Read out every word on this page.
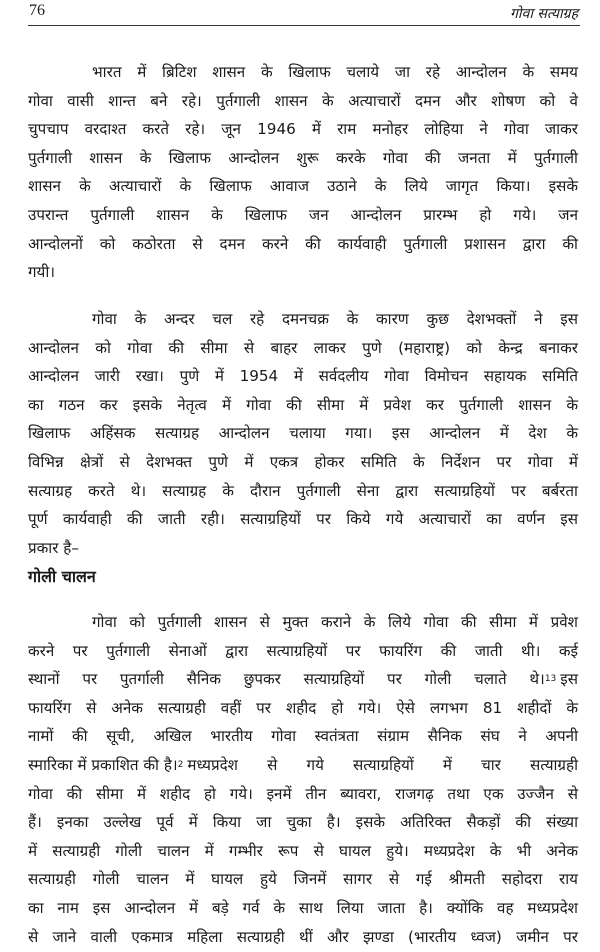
76	गोवा सत्याग्रह
भारत में ब्रिटिश शासन के खिलाफ चलाये जा रहे आन्दोलन के समय
गोवा वासी शान्त बने रहे। पुर्तगाली शासन के अत्याचारों दमन और शोषण को वे
चुपचाप वरदाश्त करते रहे। जून 1946 में राम मनोहर लोहिया ने गोवा जाकर
पुर्तगाली शासन के खिलाफ आन्दोलन शुरू करके गोवा की जनता में पुर्तगाली
शासन के अत्याचारों के खिलाफ आवाज उठाने के लिये जागृत किया। इसके
उपरान्त पुर्तगाली शासन के खिलाफ जन आन्दोलन प्रारम्भ हो गये। जन
आन्दोलनों को कठोरता से दमन करने की कार्यवाही पुर्तगाली प्रशासन द्वारा की
गयी।
गोवा के अन्दर चल रहे दमनचक्र के कारण कुछ देशभक्तों ने इस
आन्दोलन को गोवा की सीमा से बाहर लाकर पुणे (महाराष्ट्र) को केन्द्र बनाकर
आन्दोलन जारी रखा। पुणे में 1954 में सर्वदलीय गोवा विमोचन सहायक समिति
का गठन कर इसके नेतृत्व में गोवा की सीमा में प्रवेश कर पुर्तगाली शासन के
खिलाफ अहिंसक सत्याग्रह आन्दोलन चलाया गया। इस आन्दोलन में देश के
विभिन्न क्षेत्रों से देशभक्त पुणे में एकत्र होकर समिति के निर्देशन पर गोवा में
सत्याग्रह करते थे। सत्याग्रह के दौरान पुर्तगाली सेना द्वारा सत्याग्रहियों पर बर्बरता
पूर्ण कार्यवाही की जाती रही। सत्याग्रहियों पर किये गये अत्याचारों का वर्णन इस
प्रकार है–
गोली चालन
गोवा को पुर्तगाली शासन से मुक्त कराने के लिये गोवा की सीमा में प्रवेश
करने पर पुर्तगाली सेनाओं द्वारा सत्याग्रहियों पर फायरिंग की जाती थी। कई
स्थानों पर पुतर्गाली सैनिक छुपकर सत्याग्रहियों पर गोली चलाते थे। 13 इस
फायरिंग से अनेक सत्याग्रही वहीं पर शहीद हो गये। ऐसे लगभग 81 शहीदों के
नामों की सूची, अखिल भारतीय गोवा स्वतंत्रता संग्राम सैनिक संघ ने अपनी
स्मारिका में प्रकाशित की है। 2 मध्यप्रदेश से गये सत्याग्रहियों में चार सत्याग्रही
गोवा की सीमा में शहीद हो गये। इनमें तीन ब्यावरा, राजगढ़ तथा एक उज्जैन से
हैं। इनका उल्लेख पूर्व में किया जा चुका है। इसके अतिरिक्त सैकड़ों की संख्या
में सत्याग्रही गोली चालन में गम्भीर रूप से घायल हुये। मध्यप्रदेश के भी अनेक
सत्याग्रही गोली चालन में घायल हुये जिनमें सागर से गई श्रीमती सहोदरा राय
का नाम इस आन्दोलन में बड़े गर्व के साथ लिया जाता है। क्योंकि वह मध्यप्रदेश
से जाने वाली एकमात्र महिला सत्याग्रही थीं और झण्डा (भारतीय ध्वज) जमीन पर
